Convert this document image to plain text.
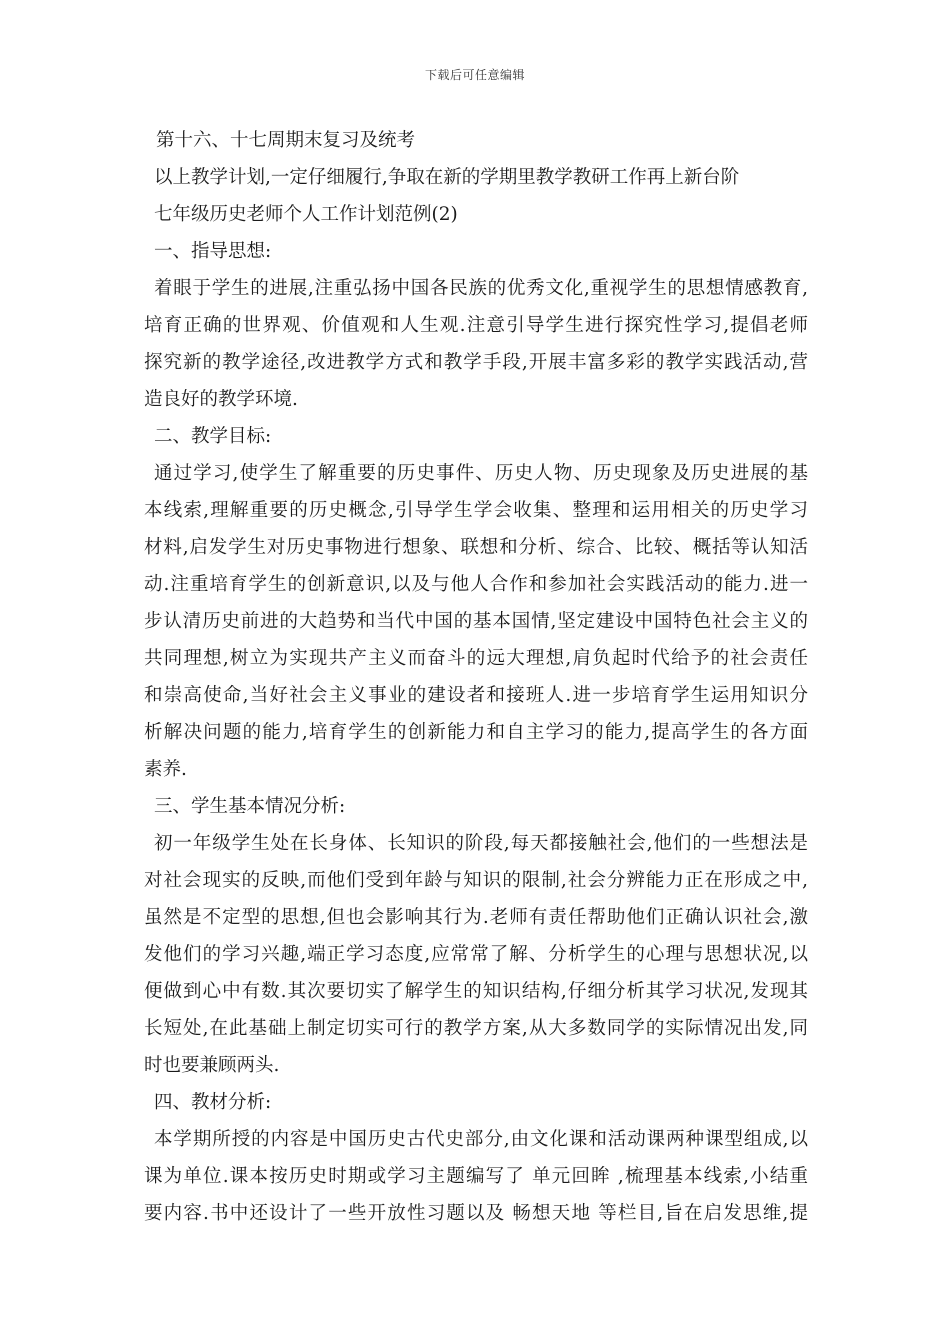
下载后可任意编辑
第十六、十七周期末复习及统考
以上教学计划,一定仔细履行,争取在新的学期里教学教研工作再上新台阶
七年级历史老师个人工作计划范例(2)
一、指导思想:
着眼于学生的进展,注重弘扬中国各民族的优秀文化,重视学生的思想情感教育,
培育正确的世界观、价值观和人生观.注意引导学生进行探究性学习,提倡老师
探究新的教学途径,改进教学方式和教学手段,开展丰富多彩的教学实践活动,营
造良好的教学环境.
二、教学目标:
通过学习,使学生了解重要的历史事件、历史人物、历史现象及历史进展的基
本线索,理解重要的历史概念,引导学生学会收集、整理和运用相关的历史学习
材料,启发学生对历史事物进行想象、联想和分析、综合、比较、概括等认知活
动.注重培育学生的创新意识,以及与他人合作和参加社会实践活动的能力.进一
步认清历史前进的大趋势和当代中国的基本国情,坚定建设中国特色社会主义的
共同理想,树立为实现共产主义而奋斗的远大理想,肩负起时代给予的社会责任
和崇高使命,当好社会主义事业的建设者和接班人.进一步培育学生运用知识分
析解决问题的能力,培育学生的创新能力和自主学习的能力,提高学生的各方面
素养.
三、学生基本情况分析:
初一年级学生处在长身体、长知识的阶段,每天都接触社会,他们的一些想法是
对社会现实的反映,而他们受到年龄与知识的限制,社会分辨能力正在形成之中,
虽然是不定型的思想,但也会影响其行为.老师有责任帮助他们正确认识社会,激
发他们的学习兴趣,端正学习态度,应常常了解、分析学生的心理与思想状况,以
便做到心中有数.其次要切实了解学生的知识结构,仔细分析其学习状况,发现其
长短处,在此基础上制定切实可行的教学方案,从大多数同学的实际情况出发,同
时也要兼顾两头.
四、教材分析:
本学期所授的内容是中国历史古代史部分,由文化课和活动课两种课型组成,以
课为单位.课本按历史时期或学习主题编写了 单元回眸 ,梳理基本线索,小结重
要内容.书中还设计了一些开放性习题以及 畅想天地 等栏目,旨在启发思维,提
